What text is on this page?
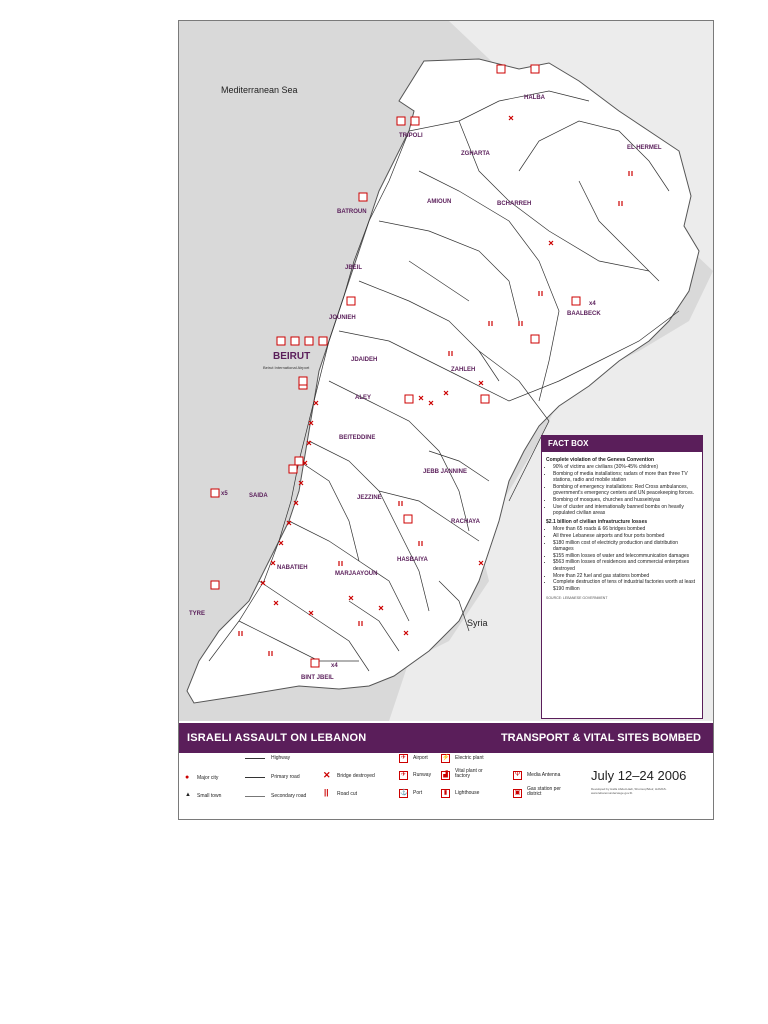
Mediterranean Sea
Syria
BEIRUT
Beirut International Airport
TRIPOLI
ZGHARTA
HALBA
EL HERMEL
AMIOUN
BATROUN
BCHARREH
JBEIL
JOUNIEH
BAALBECK
JDAIDEH
ZAHLEH
ALEY
BEITEDDINE
JEZZINE
SAIDA
RACHAYA
HASBAIYA
NABATIEH
MARJAAYOUN
TYRE
BINT JBEIL
JEBB JANNINE
x4
x5
x4
FACT BOX
Complete violation of the Geneva Convention
• 90% of victims are civilians (30%-45% children)
• Bombing of media installations; radars of more than three TV stations, radio and mobile station
• Bombing of emergency installations: Red Cross ambulances, government's emergency centers and UN peacekeeping forces.
• Bombing of mosques, churches and husseiniyas
• Use of cluster and internationally banned bombs on heavily populated civilian areas
$2.1 billion of civilian infrastructure losses
• More than 65 roads & 66 bridges bombed
• All three Lebanese airports and four ports bombed
• $180 million cost of electricity production and distribution damages
• $155 million losses of water and telecommunication damages
• $563 million losses of residences and commercial enterprises destroyed
• More than 22 fuel and gas stations bombed
• Complete destruction of tens of industrial factories worth at least $190 million
SOURCE: LEBANESE GOVERNMENT
ISRAELI ASSAULT ON LEBANON	TRANSPORT & VITAL SITES BOMBED
● Major city
▲ Small town
Highway
Primary road
Secondary road
✕ Bridge destroyed
|| Road cut
✈	Airport
✈	Runway
⚓ Port
⚡ Electric plant
▟
Vital plant or factory
▮	Lighthouse
Ψ	Media Antenna
▣
Gas station per district
July 12–24 2006
Developed by Haifa Abdel-Hadi, Shurouq Bdeir, HAMAS. www.lebanonundersiege.gov.lb
